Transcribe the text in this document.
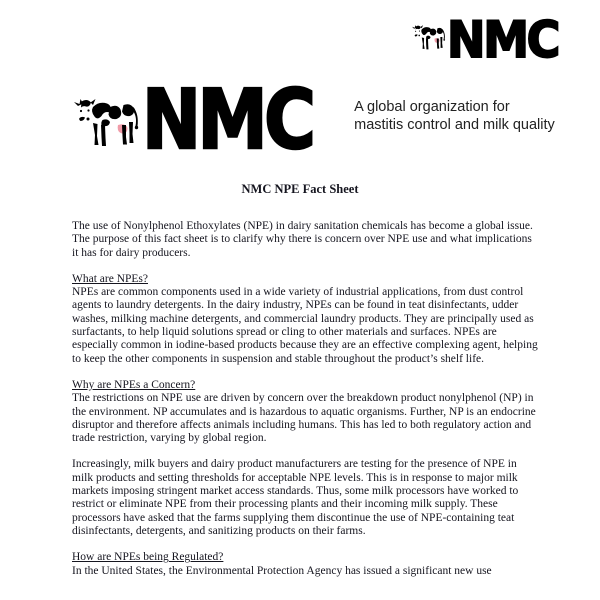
NMC
NMC	A global organization for
mastitis control and milk quality
NMC NPE Fact Sheet

The use of Nonylphenol Ethoxylates (NPE) in dairy sanitation chemicals has become a global issue. The purpose of this fact sheet is to clarify why there is concern over NPE use and what implications it has for dairy producers.

What are NPEs?

NPEs are common components used in a wide variety of industrial applications, from dust control agents to laundry detergents. In the dairy industry, NPEs can be found in teat disinfectants, udder washes, milking machine detergents, and commercial laundry products. They are principally used as surfactants, to help liquid solutions spread or cling to other materials and surfaces. NPEs are especially common in iodine-based products because they are an effective complexing agent, helping to keep the other components in suspension and stable throughout the product’s shelf life.

Why are NPEs a Concern?

The restrictions on NPE use are driven by concern over the breakdown product nonylphenol (NP) in the environment. NP accumulates and is hazardous to aquatic organisms. Further, NP is an endocrine disruptor and therefore affects animals including humans. This has led to both regulatory action and trade restriction, varying by global region.

Increasingly, milk buyers and dairy product manufacturers are testing for the presence of NPE in milk products and setting thresholds for acceptable NPE levels. This is in response to major milk markets imposing stringent market access standards. Thus, some milk processors have worked to restrict or eliminate NPE from their processing plants and their incoming milk supply. These processors have asked that the farms supplying them discontinue the use of NPE-containing teat disinfectants, detergents, and sanitizing products on their farms.

How are NPEs being Regulated?

In the United States, the Environmental Protection Agency has issued a significant new use
